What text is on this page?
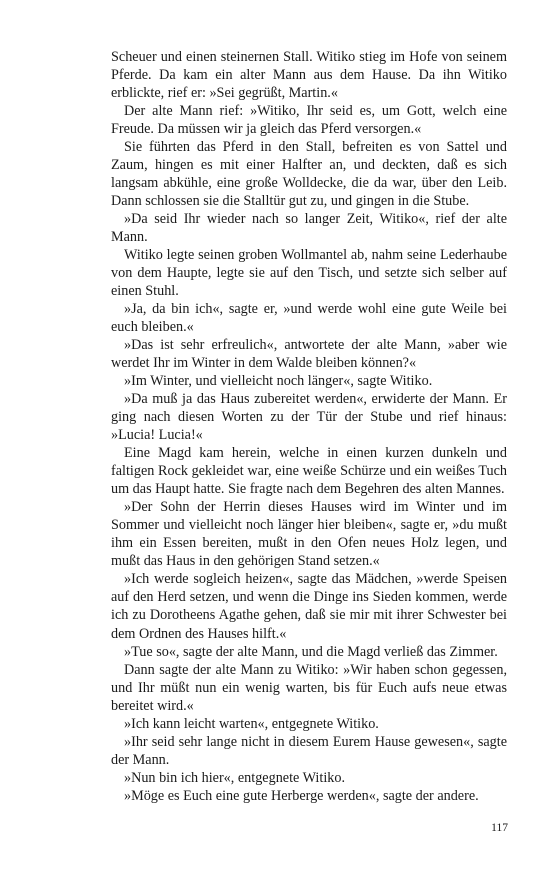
Scheuer und einen steinernen Stall. Witiko stieg im Hofe von seinem Pferde. Da kam ein alter Mann aus dem Hause. Da ihn Witiko erblickte, rief er: »Sei gegrüßt, Martin.«

Der alte Mann rief: »Witiko, Ihr seid es, um Gott, welch eine Freude. Da müssen wir ja gleich das Pferd versorgen.«

Sie führten das Pferd in den Stall, befreiten es von Sattel und Zaum, hingen es mit einer Halfter an, und deckten, daß es sich langsam abkühle, eine große Wolldecke, die da war, über den Leib. Dann schlossen sie die Stalltür gut zu, und gingen in die Stube.

»Da seid Ihr wieder nach so langer Zeit, Witiko«, rief der alte Mann.

Witiko legte seinen groben Wollmantel ab, nahm seine Lederhaube von dem Haupte, legte sie auf den Tisch, und setzte sich selber auf einen Stuhl.

»Ja, da bin ich«, sagte er, »und werde wohl eine gute Weile bei euch bleiben.«

»Das ist sehr erfreulich«, antwortete der alte Mann, »aber wie werdet Ihr im Winter in dem Walde bleiben können?«

»Im Winter, und vielleicht noch länger«, sagte Witiko.

»Da muß ja das Haus zubereitet werden«, erwiderte der Mann. Er ging nach diesen Worten zu der Tür der Stube und rief hinaus: »Lucia! Lucia!«

Eine Magd kam herein, welche in einen kurzen dunkeln und faltigen Rock gekleidet war, eine weiße Schürze und ein weißes Tuch um das Haupt hatte. Sie fragte nach dem Begehren des alten Mannes.

»Der Sohn der Herrin dieses Hauses wird im Winter und im Sommer und vielleicht noch länger hier bleiben«, sagte er, »du mußt ihm ein Essen bereiten, mußt in den Ofen neues Holz legen, und mußt das Haus in den gehörigen Stand setzen.«

»Ich werde sogleich heizen«, sagte das Mädchen, »werde Speisen auf den Herd setzen, und wenn die Dinge ins Sieden kommen, werde ich zu Dorotheens Agathe gehen, daß sie mir mit ihrer Schwester bei dem Ordnen des Hauses hilft.«

»Tue so«, sagte der alte Mann, und die Magd verließ das Zimmer.

Dann sagte der alte Mann zu Witiko: »Wir haben schon gegessen, und Ihr müßt nun ein wenig warten, bis für Euch aufs neue etwas bereitet wird.«

»Ich kann leicht warten«, entgegnete Witiko.

»Ihr seid sehr lange nicht in diesem Eurem Hause gewesen«, sagte der Mann.

»Nun bin ich hier«, entgegnete Witiko.

»Möge es Euch eine gute Herberge werden«, sagte der andere.

117
